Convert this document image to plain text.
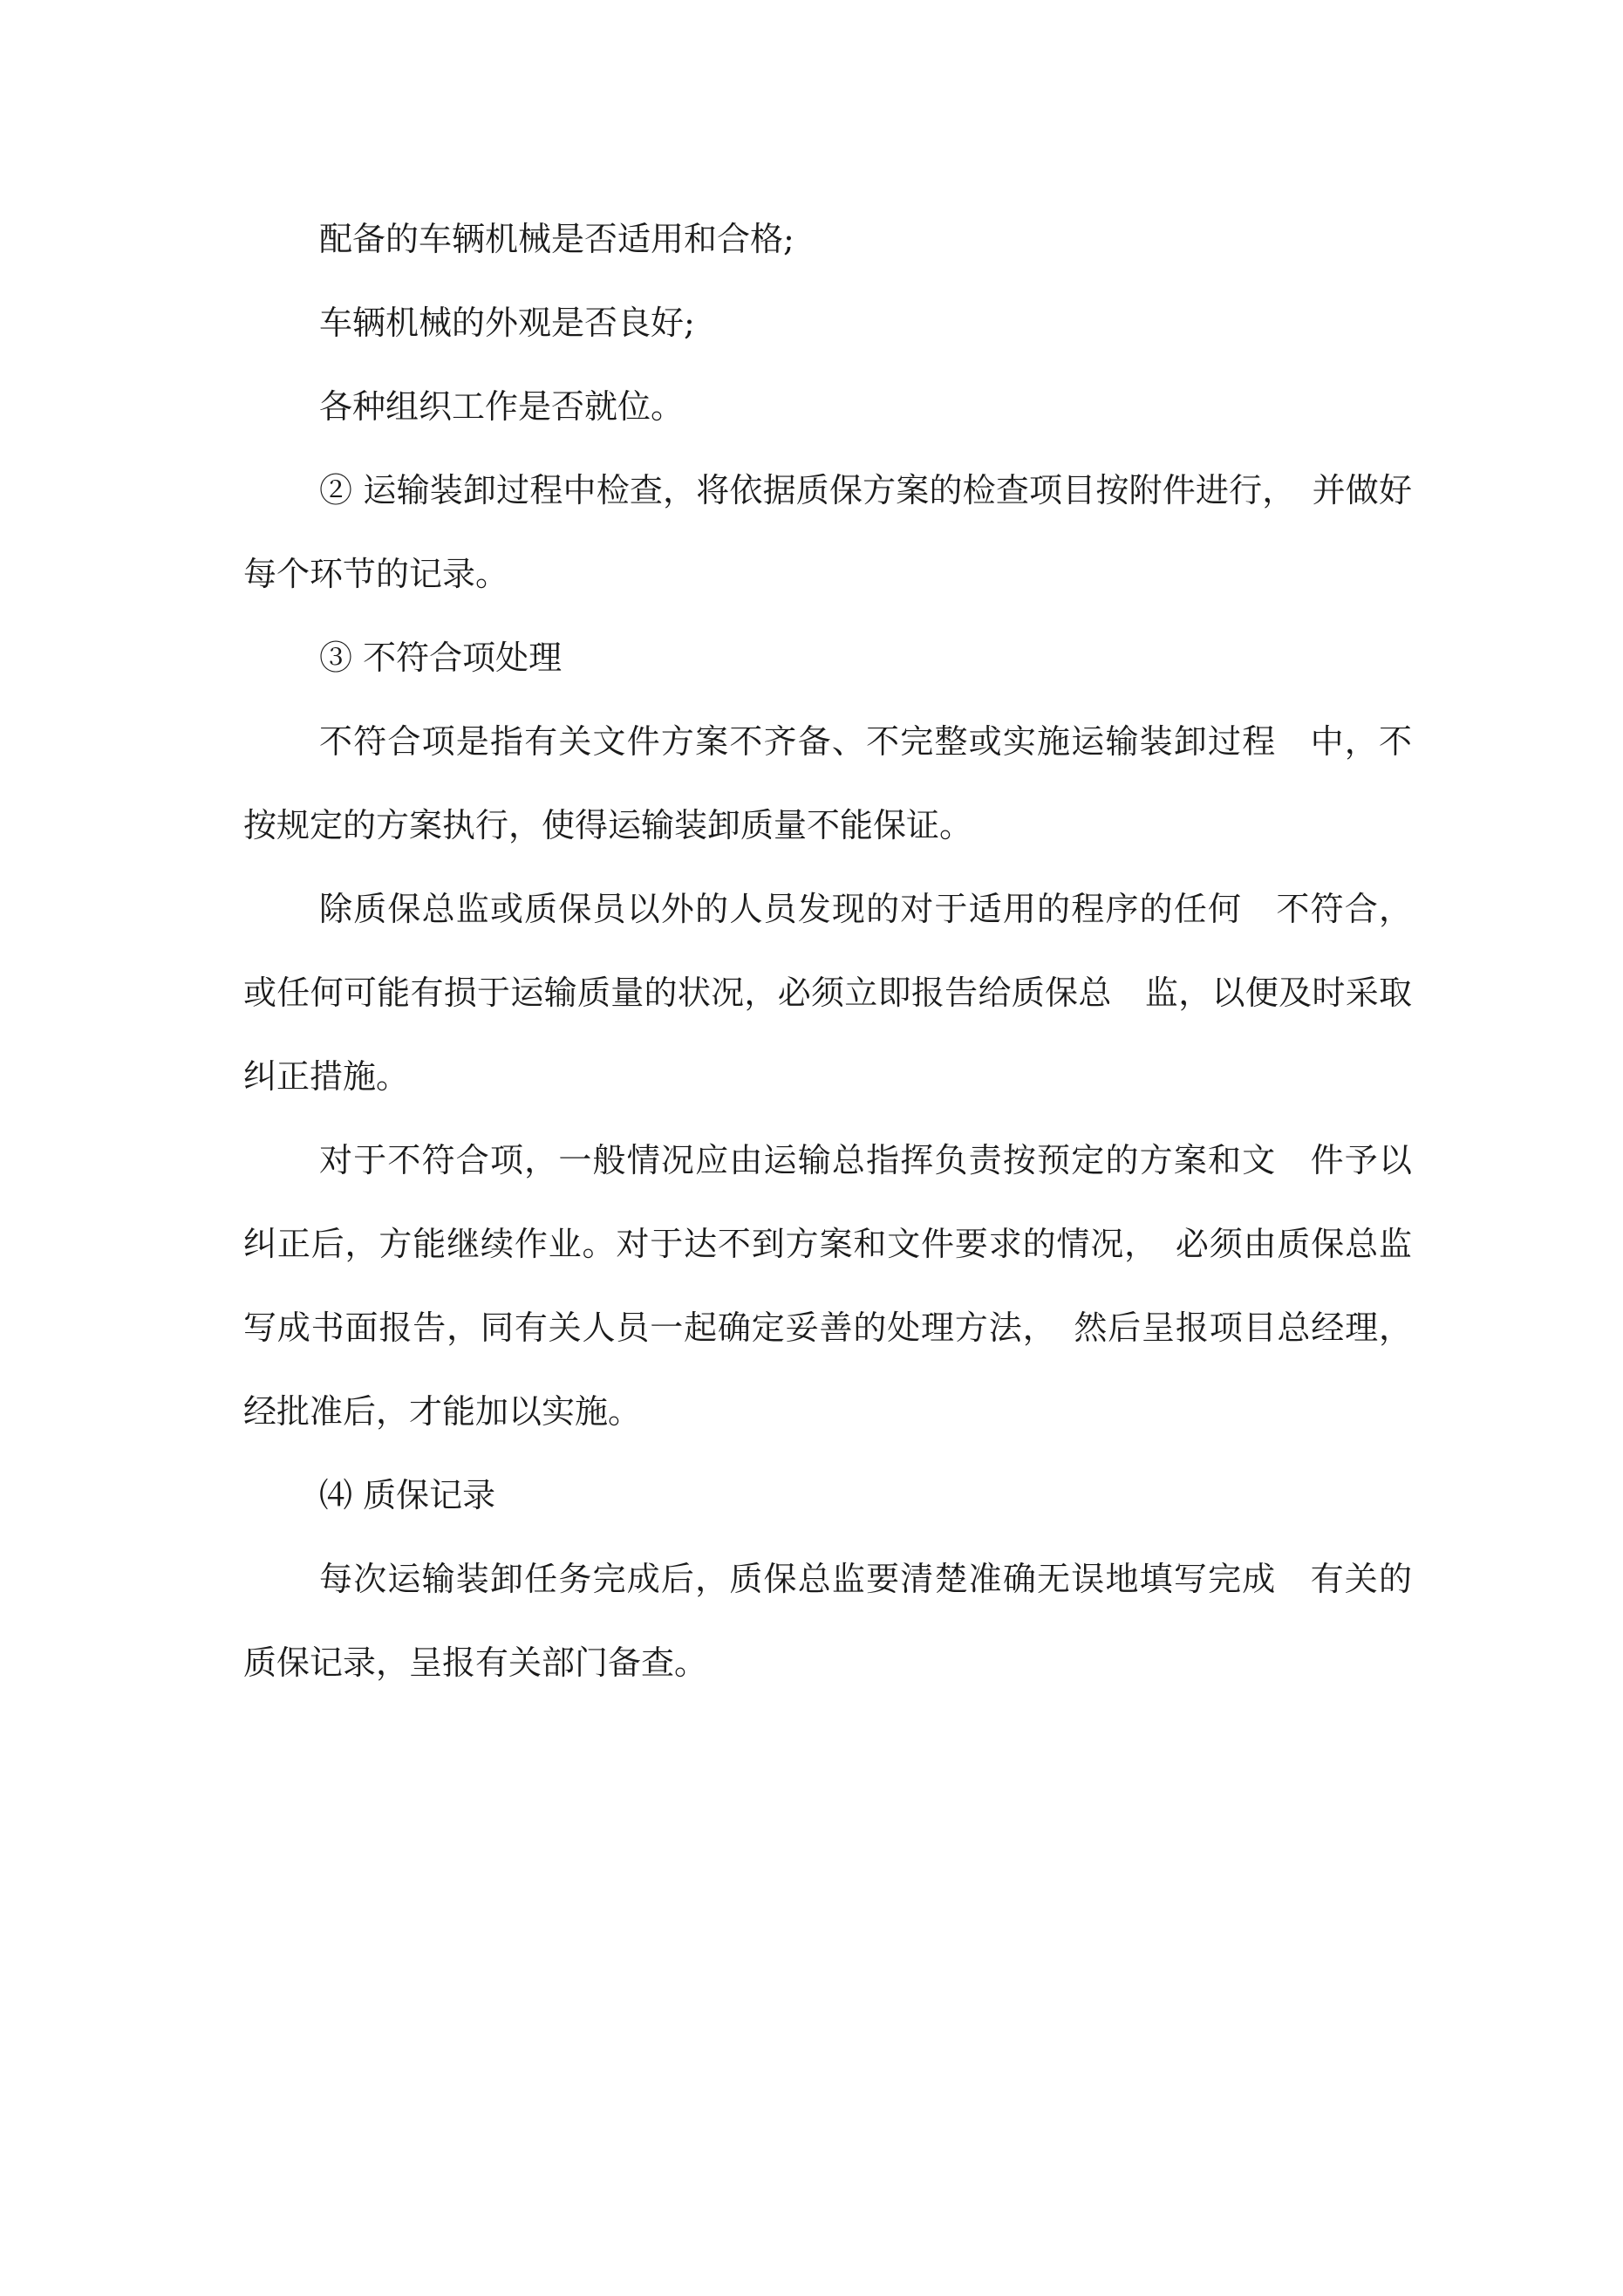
配备的车辆机械是否适用和合格;

车辆机械的外观是否良好;

各种组织工作是否就位。

② 运输装卸过程中检查，将依据质保方案的检查项目按附件进行，　并做好每个环节的记录。

③ 不符合项处理

不符合项是指有关文件方案不齐备、不完整或实施运输装卸过程　中，不按规定的方案执行，使得运输装卸质量不能保证。

除质保总监或质保员以外的人员发现的对于适用的程序的任何　不符合，或任何可能有损于运输质量的状况，必须立即报告给质保总　监，以便及时采取纠正措施。

对于不符合项，一般情况应由运输总指挥负责按预定的方案和文　件予以纠正后，方能继续作业。对于达不到方案和文件要求的情况，　必须由质保总监写成书面报告，同有关人员一起确定妥善的处理方法，　然后呈报项目总经理，经批准后，才能加以实施。

⑷ 质保记录

每次运输装卸任务完成后，质保总监要清楚准确无误地填写完成　有关的质保记录，呈报有关部门备查。
